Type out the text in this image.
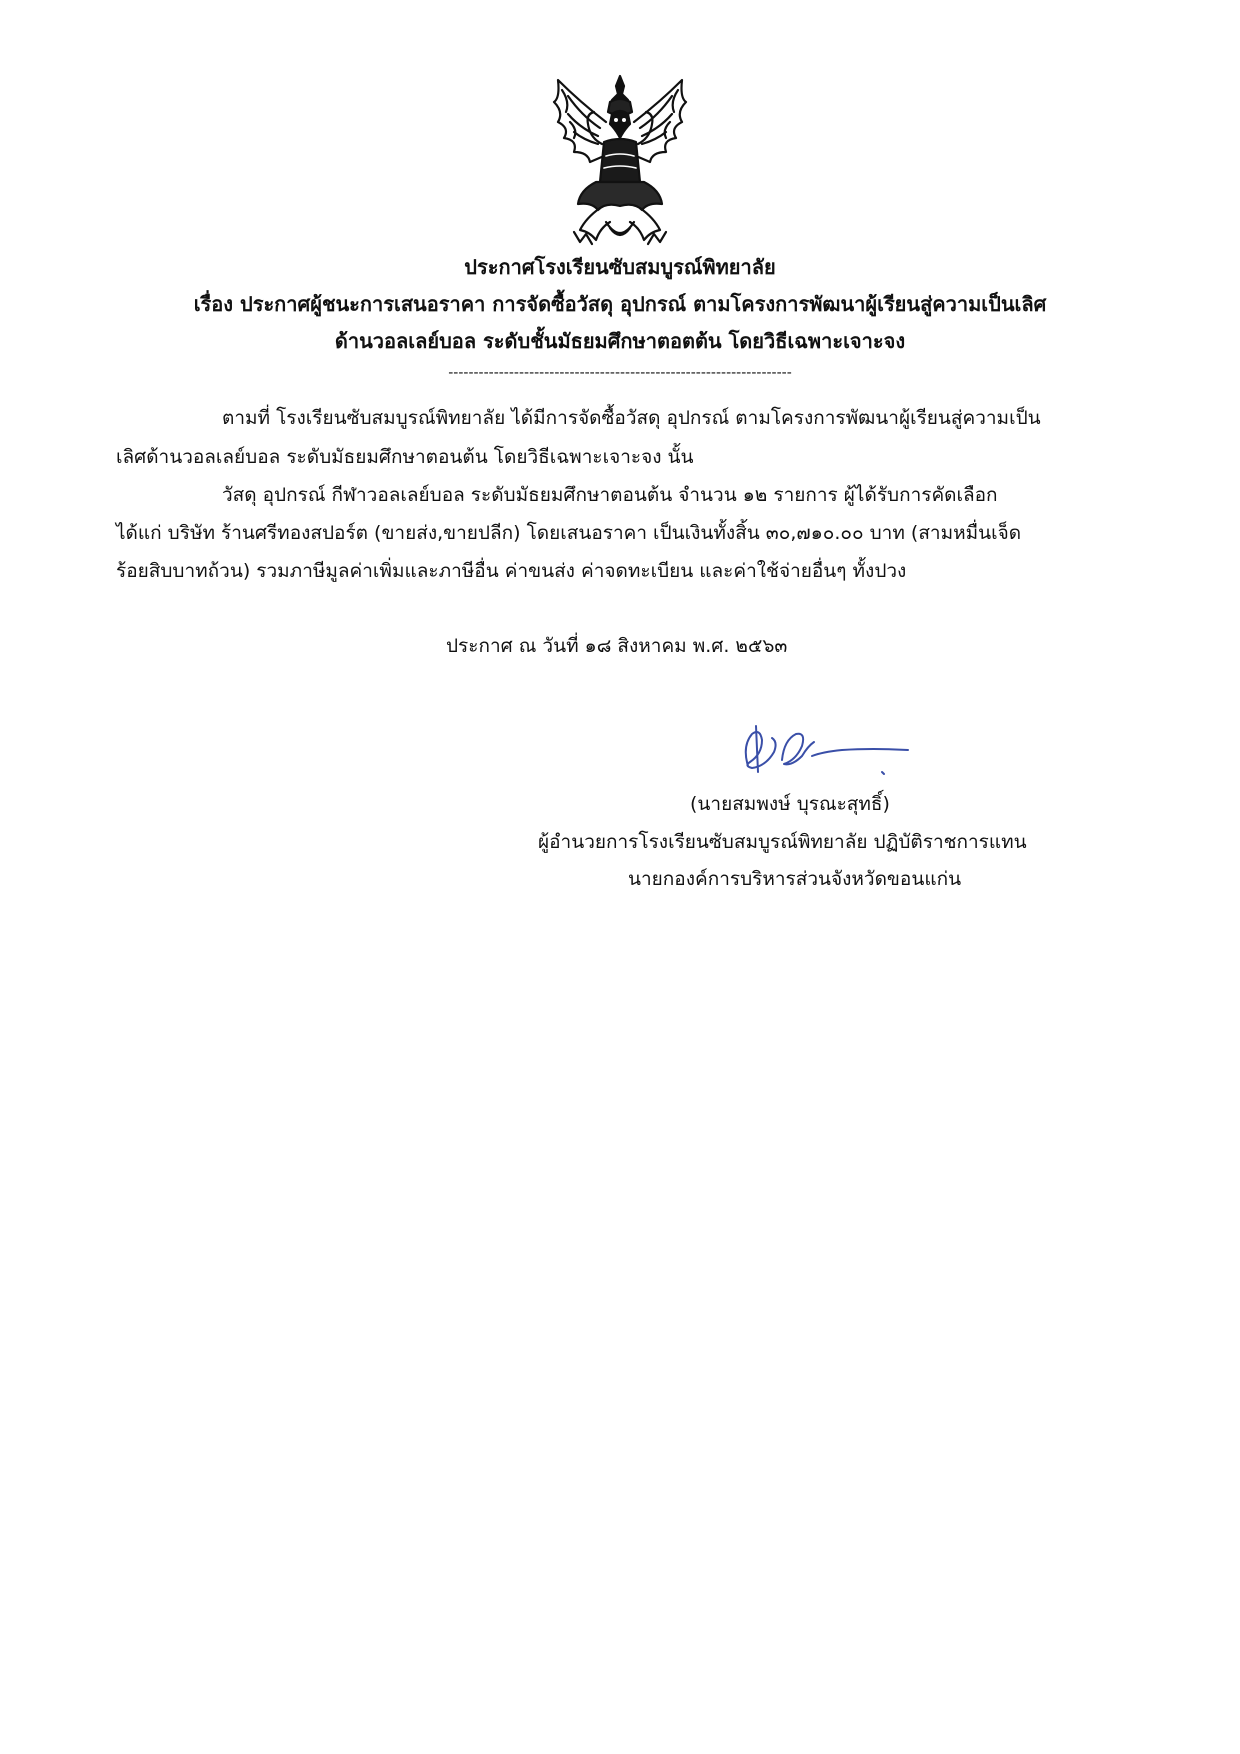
ประกาศโรงเรียนซับสมบูรณ์พิทยาลัย
เรื่อง ประกาศผู้ชนะการเสนอราคา การจัดซื้อวัสดุ อุปกรณ์ ตามโครงการพัฒนาผู้เรียนสู่ความเป็นเลิศ
ด้านวอลเลย์บอล ระดับชั้นมัธยมศึกษาตอตต้น โดยวิธีเฉพาะเจาะจง
--------------------------------------------------------------------

ตามที่ โรงเรียนซับสมบูรณ์พิทยาลัย ได้มีการจัดซื้อวัสดุ อุปกรณ์ ตามโครงการพัฒนาผู้เรียนสู่ความเป็น

เลิศด้านวอลเลย์บอล ระดับมัธยมศึกษาตอนต้น โดยวิธีเฉพาะเจาะจง นั้น

วัสดุ อุปกรณ์ กีฬาวอลเลย์บอล ระดับมัธยมศึกษาตอนต้น จำนวน ๑๒ รายการ ผู้ได้รับการคัดเลือก

ได้แก่ บริษัท ร้านศรีทองสปอร์ต (ขายส่ง,ขายปลีก) โดยเสนอราคา เป็นเงินทั้งสิ้น ๓๐,๗๑๐.๐๐ บาท (สามหมื่นเจ็ด

ร้อยสิบบาทถ้วน) รวมภาษีมูลค่าเพิ่มและภาษีอื่น ค่าขนส่ง ค่าจดทะเบียน และค่าใช้จ่ายอื่นๆ ทั้งปวง

ประกาศ ณ วันที่ ๑๘ สิงหาคม พ.ศ. ๒๕๖๓
(นายสมพงษ์ บุรณะสุทธิ์)
ผู้อำนวยการโรงเรียนซับสมบูรณ์พิทยาลัย ปฏิบัติราชการแทน
นายกองค์การบริหารส่วนจังหวัดขอนแก่น
